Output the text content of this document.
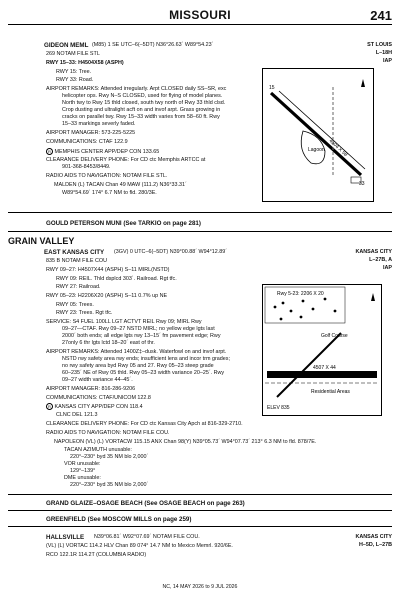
MISSOURI	241
GIDEON MEML (M85) 1 SE UTC–6(–5DT) N36°26.63´ W89°54.23´	ST LOUIS
L–18H
IAP
269 NOTAM FILE STL
RWY 15–33: H4504X58 (ASPH)
RWY 15: Tree.
RWY 33: Road.
AIRPORT REMARKS: Attended irregularly. Arpt CLOSED daily SS–SR, exc
helicopter ops. Rwy N–S CLOSED, used for flying of model planes.
North twy to Rwy 15 thld closed, south twy north of Rwy 33 thld clsd.
Crop dusting and ultralight acft on and invof arpt. Grass growing in
cracks on parallel twy. Rwy 15–33 width varies from 58–60 ft. Rwy
15–33 markings severly faded.
AIRPORT MANAGER: 573-225-5225
COMMUNICATIONS: CTAF 122.9
R MEMPHIS CENTER APP/DEP CON 133.65
CLEARANCE DELIVERY PHONE: For CD ctc Memphis ARTCC at
901-368-8453/8449.
RADIO AIDS TO NAVIGATION: NOTAM FILE STL.
MALDEN (L) TACAN Chan 49 MAW (111.2) N36°33.31´
W89°54.69´ 174° 6.7 NM to fld. 280/3E.
Lagoon 4504 X 58
15
33
GOULD PETERSON MUNI (See TARKIO on page 281)
GRAIN VALLEY
EAST KANSAS CITY (3GV) 0 UTC–6(–5DT) N39°00.88´ W94°12.89´	KANSAS CITY
L–27B, A
IAP
835 B NOTAM FILE COU
RWY 09–27: H4507X44 (ASPH) S–11 MIRL(NSTD)
RWY 09: REIL. Thld dsplcd 303´. Railroad. Rgt tfc.
RWY 27: Railroad.
RWY 05–23: H2206X20 (ASPH) S–11 0.7% up NE
RWY 05: Trees.
RWY 23: Trees. Rgt tfc.
SERVICE: S4 FUEL 100LL LGT ACTVT REIL Rwy 09; MIRL Rwy
09–27—CTAF. Rwy 09–27 NSTD MIRL; no yellow edge lgts last
2000´ both ends; all edge lgts rwy 13–15´ fm pavement edge; Rwy
27only 6 thr lgts lctd 18–20´ east of thr.
AIRPORT REMARKS: Attended 1400Z‡–dusk. Waterfowl on and invof arpt.
NSTD rwy safety area rwy ends; insufficient lens and incor trm grades;
no rwy safety area byd Rwy 05 and 27. Rwy 05–23 steep grade
60–235´ NE of Rwy 05 thld. Rwy 05–23 width variance 20–25´. Rwy
09–27 width variance 44–45´.
AIRPORT MANAGER: 816-286-9206
COMMUNICATIONS: CTAF/UNICOM 122.8
R KANSAS CITY APP/DEP CON 118.4
CLNC DEL 121.3
CLEARANCE DELIVERY PHONE: For CD ctc Kansas City Apch at 816-329-2710.
RADIO AIDS TO NAVIGATION: NOTAM FILE COU.
NAPOLEON (VL) (L) VORTACW 115.15 ANX Chan 98(Y) N39°05.73´ W94°07.73´ 213° 6.3 NM to fld. 878/7E.
TACAN AZIMUTH unusable:
220°–230° byd 35 NM blo 2,000´
VOR unusable:
129°–139°
DME unusable:
220°–230° byd 35 NM blo 2,000´
Rwy 5-23: 2206 X 20
Golf Course
4507 X 44
Residential Areas
ELEV 835
GRAND GLAIZE–OSAGE BEACH (See OSAGE BEACH on page 263)
GREENFIELD (See MOSCOW MILLS on page 259)
HALLSVILLE N39°06.81´ W92°07.69´ NOTAM FILE COU.	KANSAS CITY
H–5D, L–27B
(VL) (L) VORTAC 114.2 HLV Chan 89 074° 14.7 NM to Mexico Memrl. 920/6E.
RCO 122.1R 114.2T (COLUMBIA RADIO)
NC, 14 MAY 2026 to 9 JUL 2026
